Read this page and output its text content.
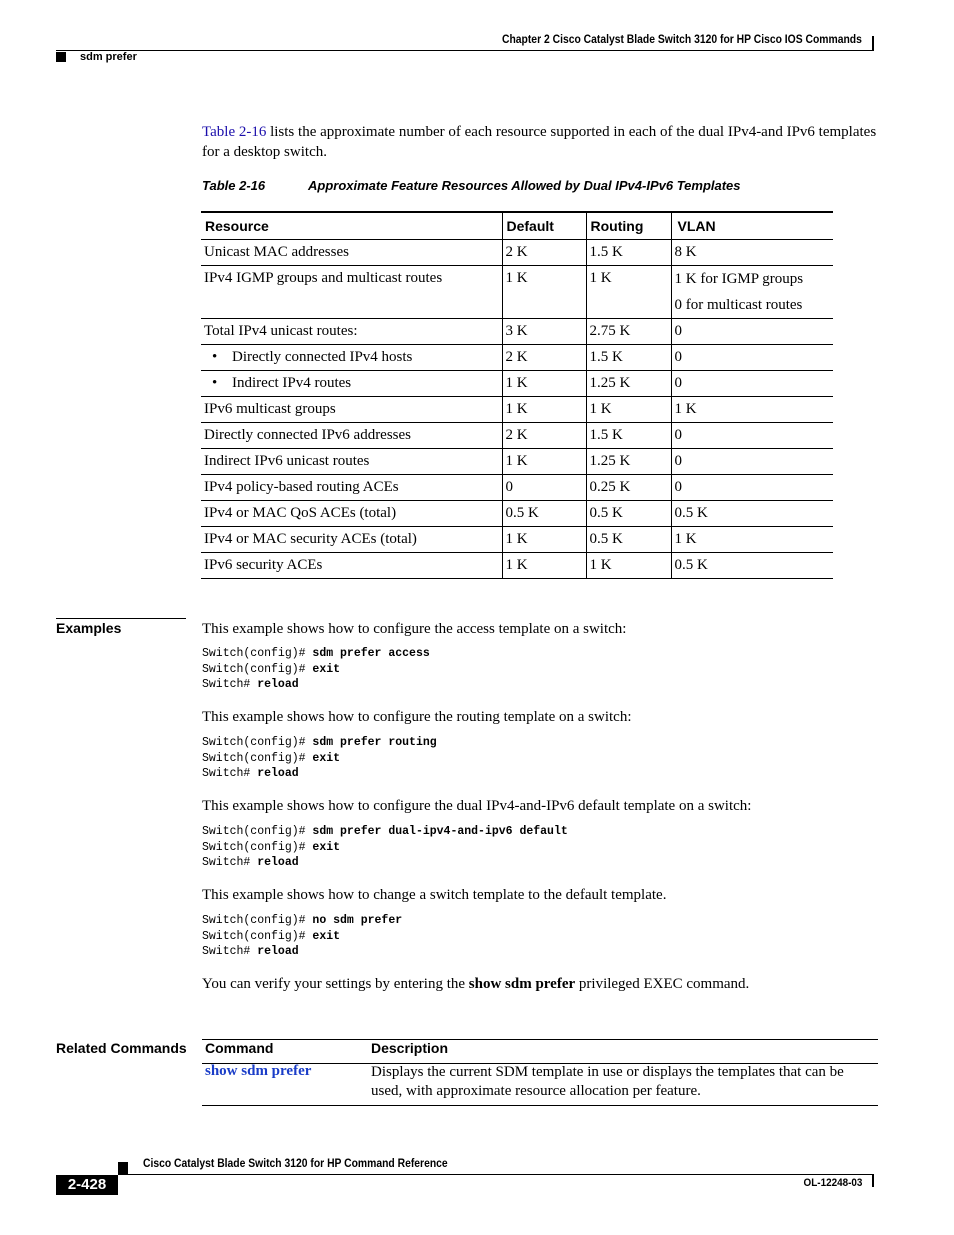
Chapter 2 Cisco Catalyst Blade Switch 3120 for HP Cisco IOS Commands
sdm prefer
Table 2-16 lists the approximate number of each resource supported in each of the dual IPv4-and IPv6 templates for a desktop switch.
Table 2-16	Approximate Feature Resources Allowed by Dual IPv4-IPv6 Templates
Resource	Default	Routing	VLAN
Unicast MAC addresses	2 K	1.5 K	8 K
IPv4 IGMP groups and multicast routes	1 K	1 K	1 K for IGMP groups
0 for multicast routes

Total IPv4 unicast routes:	3 K	2.75 K	0
• Directly connected IPv4 hosts	2 K	1.5 K	0
• Indirect IPv4 routes	1 K	1.25 K	0
IPv6 multicast groups	1 K	1 K	1 K
Directly connected IPv6 addresses	2 K	1.5 K	0
Indirect IPv6 unicast routes	1 K	1.25 K	0
IPv4 policy-based routing ACEs	0	0.25 K	0
IPv4 or MAC QoS ACEs (total)	0.5 K	0.5 K	0.5 K
IPv4 or MAC security ACEs (total)	1 K	0.5 K	1 K
IPv6 security ACEs	1 K	1 K	0.5 K
Examples	This example shows how to configure the access template on a switch:
Switch(config)# sdm prefer access
Switch(config)# exit
Switch# reload
This example shows how to configure the routing template on a switch:
Switch(config)# sdm prefer routing
Switch(config)# exit
Switch# reload
This example shows how to configure the dual IPv4-and-IPv6 default template on a switch:
Switch(config)# sdm prefer dual-ipv4-and-ipv6 default
Switch(config)# exit
Switch# reload
This example shows how to change a switch template to the default template.
Switch(config)# no sdm prefer
Switch(config)# exit
Switch# reload
You can verify your settings by entering the show sdm prefer privileged EXEC command.
Related Commands Command	Description
show sdm prefer	Displays the current SDM template in use or displays the templates that can be used, with approximate resource allocation per feature.
Cisco Catalyst Blade Switch 3120 for HP Command Reference
2-428	OL-12248-03
